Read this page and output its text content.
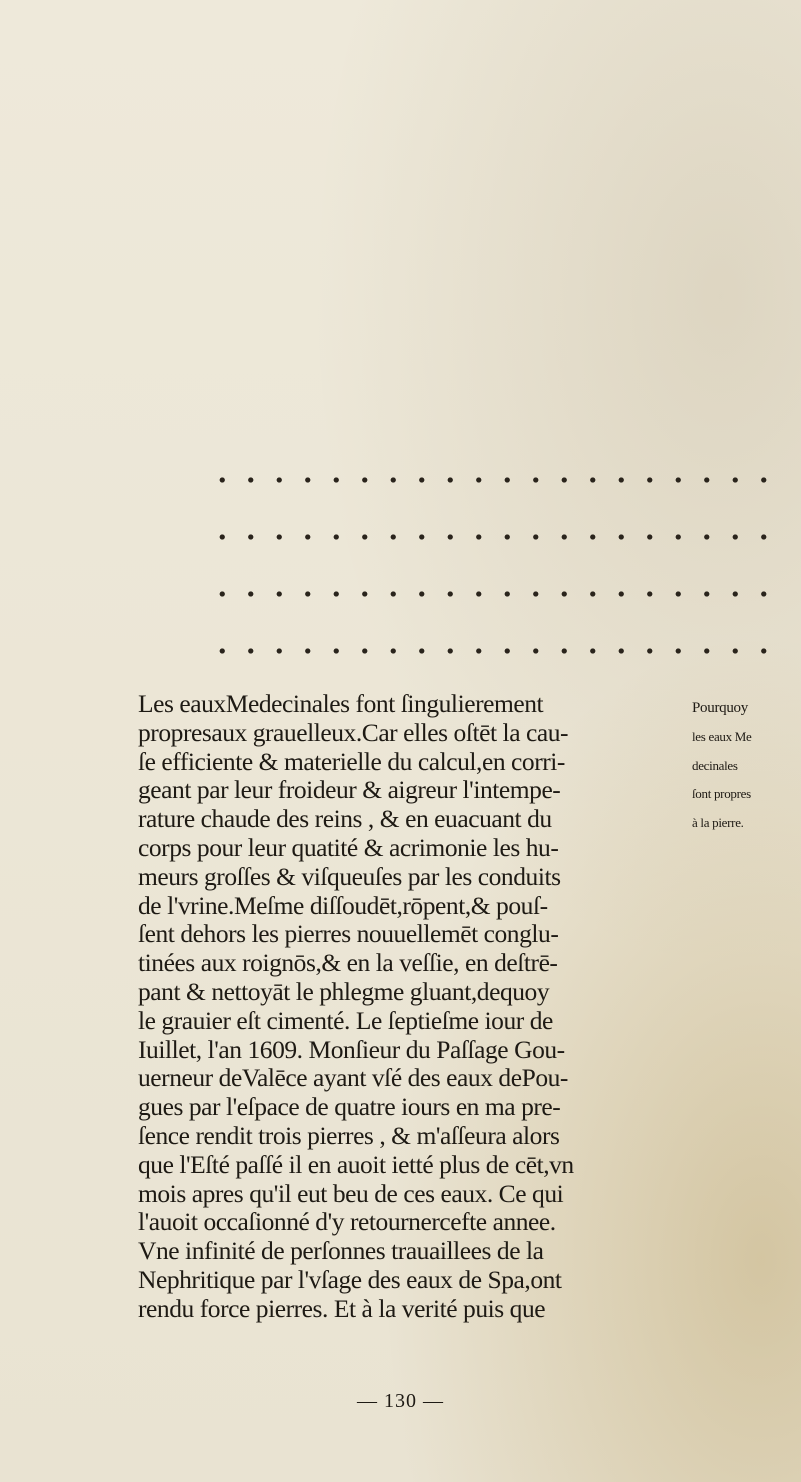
Les eauxMedecinales font ſingulierement
propresaux grauelleux.Car elles oſtēt la cau-
ſe efficiente & materielle du calcul,en corri-
geant par leur froideur & aigreur l'intempe-
rature chaude des reins , & en euacuant du
corps pour leur quatité & acrimonie les hu-
meurs groſſes & viſqueuſes par les conduits
de l'vrine.Meſme diſſoudēt,rōpent,& pouſ-
ſent dehors les pierres nouuellemēt conglu-
tinées aux roignōs,& en la veſſie, en deſtrē-
pant & nettoyāt le phlegme gluant,dequoy
le grauier eſt cimenté. Le ſeptieſme iour de
Iuillet, l'an 1609. Monſieur du Paſſage Gou-
uerneur deValēce ayant vſé des eaux dePou-
gues par l'eſpace de quatre iours en ma pre-
ſence rendit trois pierres , & m'aſſeura alors
que l'Eſté paſſé il en auoit ietté plus de cēt,vn
mois apres qu'il eut beu de ces eaux. Ce qui
l'auoit occaſionné d'y retournercefte annee.
Vne infinité de perſonnes trauaillees de la
Nephritique par l'vſage des eaux de Spa,ont
rendu force pierres. Et à la verité puis que
Pourquoy
les eaux Me
decinales
ſont propres
à la pierre.
— 130 —
